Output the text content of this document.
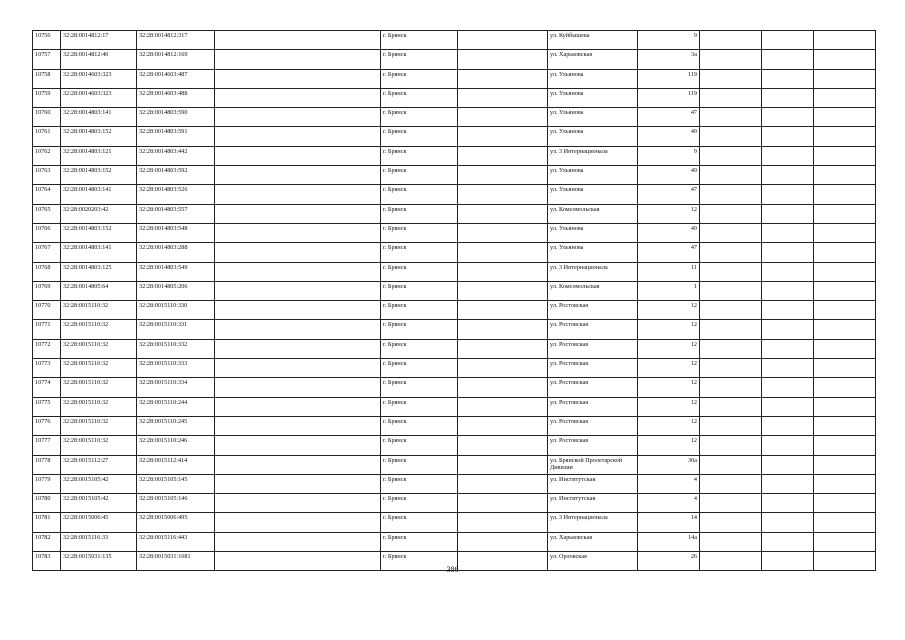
10756	32:28:0014812:17	32:28:0014812:317		г. Брянск		ул. Куйбышева	9			
10757	32:28:0014812:40	32:28:0014812:169		г. Брянск		ул. Харьковская	3а			
10758	32:28:0014603:323	32:28:0014603:487		г. Брянск		ул. Ульянова	119			
10759	32:28:0014603:323	32:28:0014603:488		г. Брянск		ул. Ульянова	119			
10760	32:28:0014803:141	32:28:0014803:590		г. Брянск		ул. Ульянова	47			
10761	32:28:0014803:152	32:28:0014803:591		г. Брянск		ул. Ульянова	49			
10762	32:28:0014803:121	32:28:0014803:442		г. Брянск		ул. 3 Интернационала	9			
10763	32:28:0014803:152	32:28:0014803:592		г. Брянск		ул. Ульянова	49			
10764	32:28:0014803:141	32:28:0014803:526		г. Брянск		ул. Ульянова	47			
10765	32:28:0020203:42	32:28:0014803:557		г. Брянск		ул. Комсомольская	12			
10766	32:28:0014803:152	32:28:0014803:548		г. Брянск		ул. Ульянова	49			
10767	32:28:0014803:141	32:28:0014803:288		г. Брянск		ул. Ульянова	47			
10768	32:28:0014803:125	32:28:0014803:549		г. Брянск		ул. 3 Интернационала	11			
10769	32:28:0014805:64	32:28:0014805:206		г. Брянск		ул. Комсомольская	1			
10770	32:28:0015110:32	32:28:0015110:330		г. Брянск		ул. Ростовская	12			
10771	32:28:0015110:32	32:28:0015110:331		г. Брянск		ул. Ростовская	12			
10772	32:28:0015110:32	32:28:0015110:332		г. Брянск		ул. Ростовская	12			
10773	32:28:0015110:32	32:28:0015110:333		г. Брянск		ул. Ростовская	12			
10774	32:28:0015110:32	32:28:0015110:334		г. Брянск		ул. Ростовская	12			
10775	32:28:0015110:32	32:28:0015110:244		г. Брянск		ул. Ростовская	12			
10776	32:28:0015110:32	32:28:0015110:245		г. Брянск		ул. Ростовская	12			
10777	32:28:0015110:32	32:28:0015110:246		г. Брянск		ул. Ростовская	12			
10778	32:28:0015112:27	32:28:0015112:414		г. Брянск		ул. Брянской Пролетарской Дивизии	30а			
10779	32:28:0015105:42	32:28:0015105:145		г. Брянск		ул. Институтская	4			
10780	32:28:0015105:42	32:28:0015105:146		г. Брянск		ул. Институтская	4			
10781	32:28:0015006:45	32:28:0015006:495		г. Брянск		ул. 3 Интернационала	14			
10782	32:28:0015116:33	32:28:0015116:443		г. Брянск		ул. Харьковская	14а			
10783	32:28:0015031:135	32:28:0015031:1681		г. Брянск		ул. Орловская	26			
386
